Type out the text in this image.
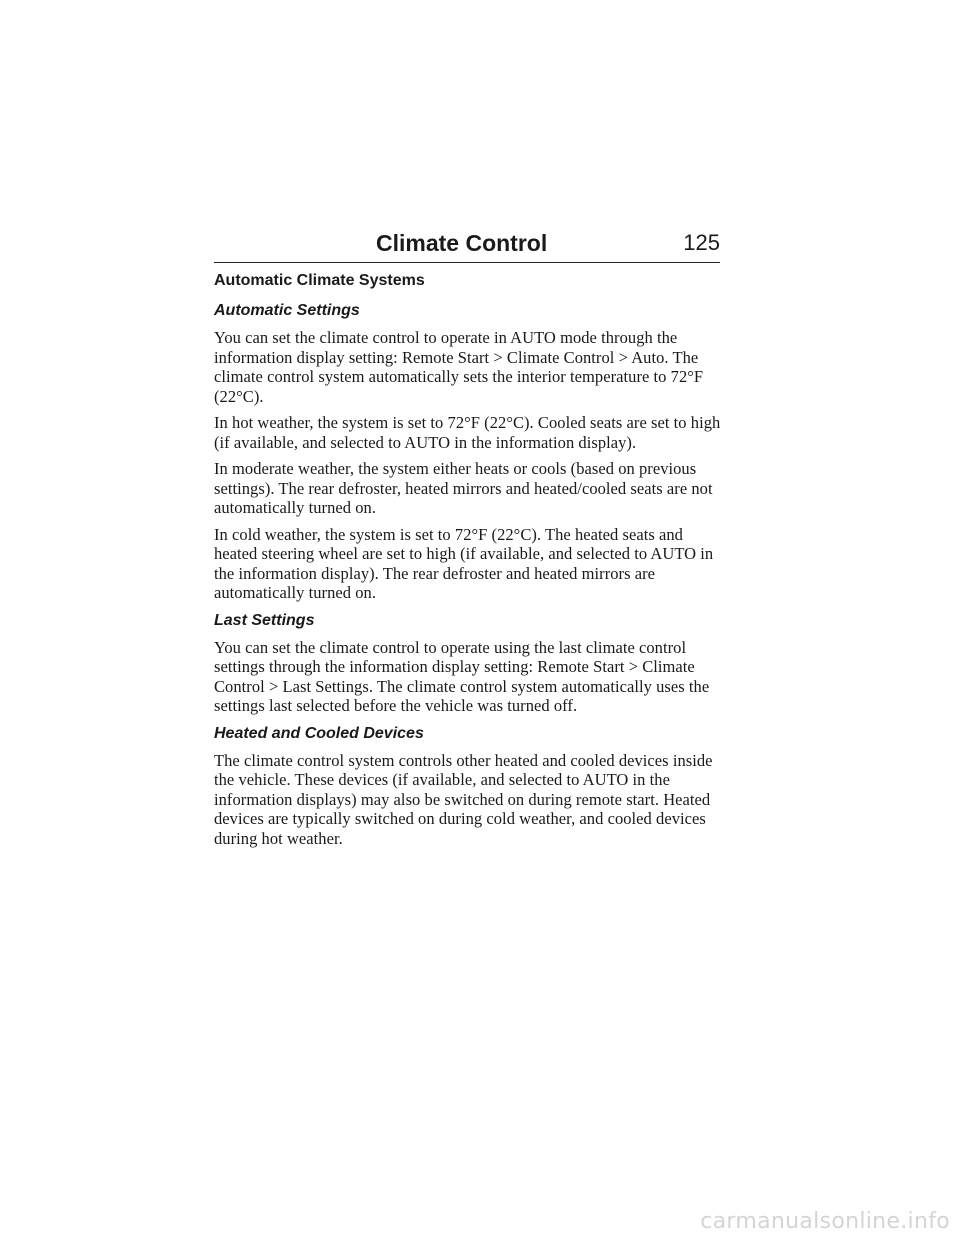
Climate Control	125
Automatic Climate Systems
Automatic Settings

You can set the climate control to operate in AUTO mode through the information display setting: Remote Start > Climate Control > Auto. The climate control system automatically sets the interior temperature to 72°F (22°C).

In hot weather, the system is set to 72°F (22°C). Cooled seats are set to high (if available, and selected to AUTO in the information display).

In moderate weather, the system either heats or cools (based on previous settings). The rear defroster, heated mirrors and heated/cooled seats are not automatically turned on.

In cold weather, the system is set to 72°F (22°C). The heated seats and heated steering wheel are set to high (if available, and selected to AUTO in the information display). The rear defroster and heated mirrors are automatically turned on.

Last Settings

You can set the climate control to operate using the last climate control settings through the information display setting: Remote Start > Climate Control > Last Settings. The climate control system automatically uses the settings last selected before the vehicle was turned off.

Heated and Cooled Devices

The climate control system controls other heated and cooled devices inside the vehicle. These devices (if available, and selected to AUTO in the information displays) may also be switched on during remote start. Heated devices are typically switched on during cold weather, and cooled devices during hot weather.

carmanualsonline.info
